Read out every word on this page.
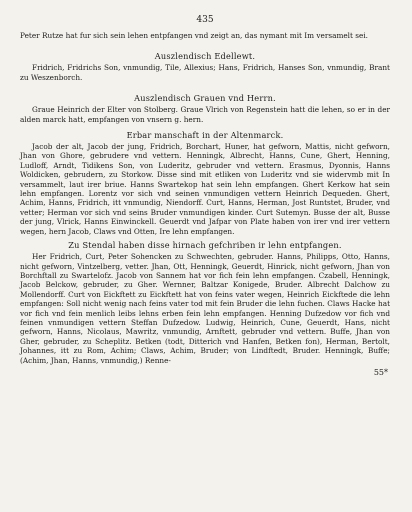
435

Peter Rutze hat fur sich sein lehen entpfangen vnd zeigt an, das nymant mit Im versamelt sei.

Auszlendisch Edellewt.

Fridrich, Fridrichs Son, vnmundig, Tile, Allexius; Hans, Fridrich, Hanses Son, vnmundig, Brant zu Weszenborch.

Auszlendisch Grauen vnd Herrn.

Graue Heinrich der Elter von Stolberg. Graue Vlrich von Regenstein hatt die lehen, so er in der alden marck hatt, empfangen von vnsern g. hern.

Erbar manschaft in der Altenmarck.

Jacob der alt, Jacob der jung, Fridrich, Borchart, Huner, hat gefworn, Mattis, nicht gefworn, Jhan von Ghore, gebrudere vnd vettern. Henningk, Albrecht, Hanns, Cune, Ghert, Henning, Ludloff, Arndt, Tidikens Son, von Luderitz, gebruder vnd vettern. Erasmus, Dyonnis, Hanns Woldicken, gebrudern, zu Storkow. Disse sind mit etliken von Luderitz vnd sie widervmb mit In versammelt, laut irer briue. Hanns Swartekop hat sein lehn empfangen. Ghert Kerkow hat sein lehn empfangen. Lorentz vor sich vnd seinen vnmundigen vettern Heinrich Dequeden. Ghert, Achim, Hanns, Fridrich, itt vnmundig, Niendorff. Curt, Hanns, Herman, Jost Runtstet, Bruder, vnd vetter; Herman vor sich vnd seins Bruder vnmundigen kinder. Curt Sutemyn. Busse der alt, Busse der jung, Vlrick, Hanns Einwinckell. Geuerdt vnd Jafpar von Plate haben von irer vnd irer vettern wegen, hern Jacob, Claws vnd Otten, Ire lehn empfangen.

Zu Stendal haben disse hirnach gefchriben ir lehn entpfangen.

Her Fridrich, Curt, Peter Sohencken zu Schwechten, gebruder. Hanns, Philipps, Otto, Hanns, nicht gefworn, Vintzelberg, vetter. Jhan, Ott, Henningk, Geuerdt, Hinrick, nicht gefworn, Jhan von Borchftall zu Swartelofz. Jacob von Sannem hat vor fich fein lehn empfangen. Czabell, Henningk, Jacob Belckow, gebruder, zu Gher. Wernner, Baltzar Konigede, Bruder. Albrecht Dalchow zu Mollendorff. Curt von Eickftett zu Eickftett hat von feins vater wegen, Heinrich Eickftede die lehn empfangen: Soll nicht wenig nach feins vater tod mit fein Bruder die lehn fuchen. Claws Hacke hat vor fich vnd fein menlich leibs lehns erben fein lehn empfangen. Henning Dufzedow vor fich vnd feinen vnmundigen vettern Steffan Dufzedow. Ludwig, Heinrich, Cune, Geuerdt, Hans, nicht gefworn, Hanns, Nicolaus, Mawritz, vnmundig, Arnftett, gebruder vnd vettern. Buffe, Jhan von Gher, gebruder, zu Scheplitz. Betken (todt, Ditterich vnd Hanfen, Betken fon), Herman, Bertolt, Johannes, itt zu Rom, Achim; Claws, Achim, Bruder; von Lindftedt, Bruder. Henningk, Buffe; (Achim, Jhan, Hanns, vnmundig,) Renne-

55*
